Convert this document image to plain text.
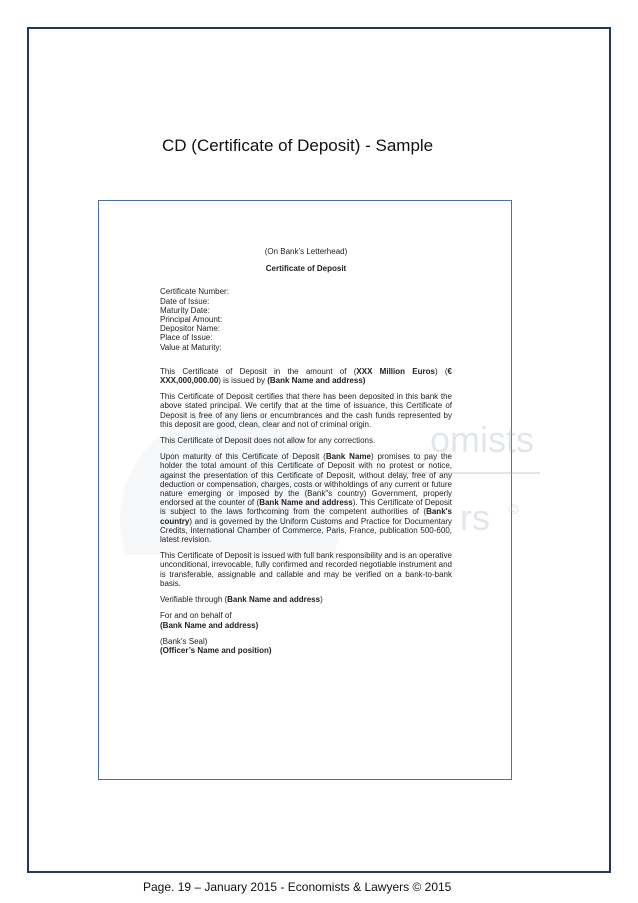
CD (Certificate of Deposit) - Sample
omists
rs ©
(On Bank’s Letterhead)
Certificate of Deposit
Certificate Number:
Date of Issue:
Maturity Date:
Principal Amount:
Depositor Name:
Place of Issue:
Value at Maturity:

This Certificate of Deposit in the amount of (XXX Million Euros) (€ XXX,000,000.00) is issued by (Bank Name and address)

This Certificate of Deposit certifies that there has been deposited in this bank the above stated principal. We certify that at the time of issuance, this Certificate of Deposit is free of any liens or encumbrances and the cash funds represented by this deposit are good, clean, clear and not of criminal origin.

This Certificate of Deposit does not allow for any corrections.

Upon maturity of this Certificate of Deposit (Bank Name) promises to pay the holder the total amount of this Certificate of Deposit with no protest or notice, against the presentation of this Certificate of Deposit, without delay, free of any deduction or compensation, charges, costs or withholdings of any current or future nature emerging or imposed by the (Bank"s country) Government, properly endorsed at the counter of (Bank Name and address). This Certificate of Deposit is subject to the laws forthcoming from the competent authorities of (Bank's country) and is governed by the Uniform Customs and Practice for Documentary Credits, International Chamber of Commerce, Paris, France, publication 500-600, latest revision.

This Certificate of Deposit is issued with full bank responsibility and is an operative unconditional, irrevocable, fully confirmed and recorded negotiable instrument and is transferable, assignable and callable and may be verified on a bank-to-bank basis.

Verifiable through (Bank Name and address)

For and on behalf of
(Bank Name and address)
(Bank’s Seal)
(Officer’s Name and position)
Page. 19 – January 2015 - Economists & Lawyers © 2015
